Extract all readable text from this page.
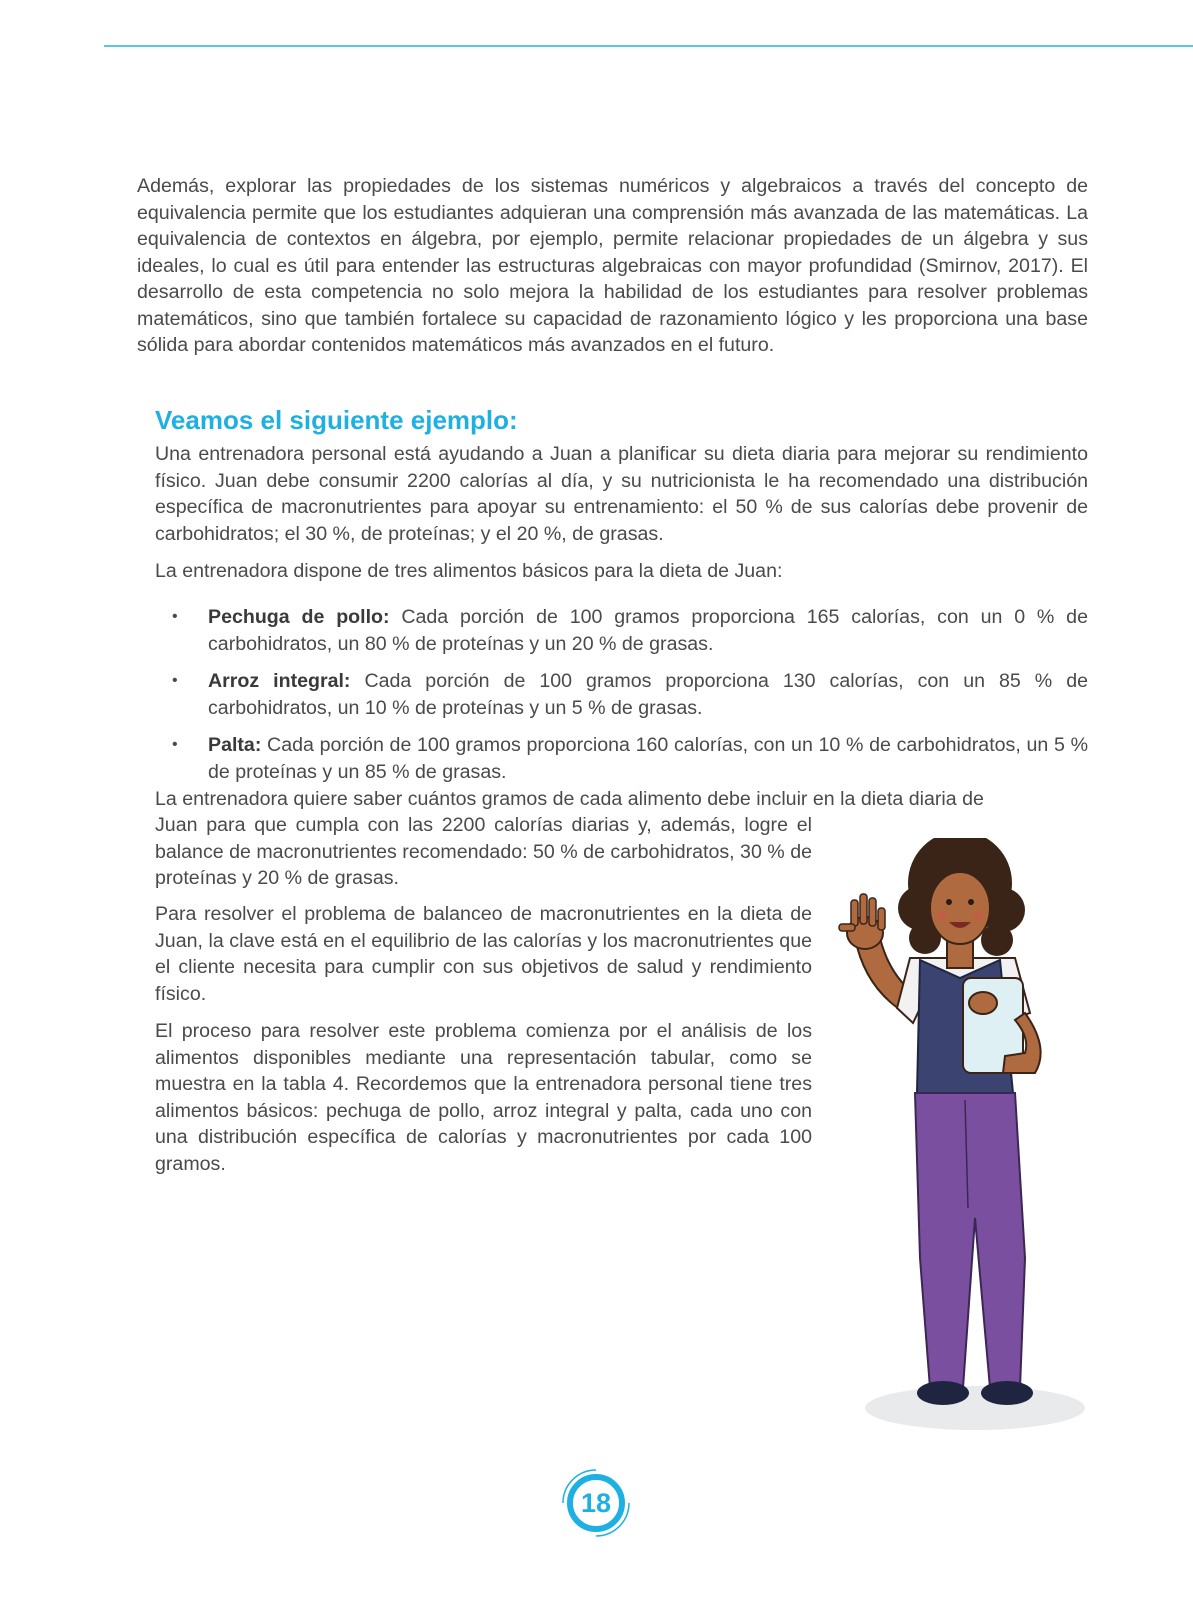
Además, explorar las propiedades de los sistemas numéricos y algebraicos a través del concepto de equivalencia permite que los estudiantes adquieran una comprensión más avanzada de las matemáticas. La equivalencia de contextos en álgebra, por ejemplo, permite relacionar propiedades de un álgebra y sus ideales, lo cual es útil para entender las estructuras algebraicas con mayor profundidad (Smirnov, 2017). El desarrollo de esta competencia no solo mejora la habilidad de los estudiantes para resolver problemas matemáticos, sino que también fortalece su capacidad de razonamiento lógico y les proporciona una base sólida para abordar contenidos matemáticos más avanzados en el futuro.

Veamos el siguiente ejemplo:

Una entrenadora personal está ayudando a Juan a planificar su dieta diaria para mejorar su rendimiento físico. Juan debe consumir 2200 calorías al día, y su nutricionista le ha recomendado una distribución específica de macronutrientes para apoyar su entrenamiento: el 50 % de sus calorías debe provenir de carbohidratos; el 30 %, de proteínas; y el 20 %, de grasas.

La entrenadora dispone de tres alimentos básicos para la dieta de Juan:

• Pechuga de pollo: Cada porción de 100 gramos proporciona 165 calorías, con un 0 % de carbohidratos, un 80 % de proteínas y un 20 % de grasas.
• Arroz integral: Cada porción de 100 gramos proporciona 130 calorías, con un 85 % de carbohidratos, un 10 % de proteínas y un 5 % de grasas.
• Palta: Cada porción de 100 gramos proporciona 160 calorías, con un 10 % de carbohidratos, un 5 % de proteínas y un 85 % de grasas.

La entrenadora quiere saber cuántos gramos de cada alimento debe incluir en la dieta diaria de

Juan para que cumpla con las 2200 calorías diarias y, además, logre el balance de macronutrientes recomendado: 50 % de carbohidratos, 30 % de proteínas y 20 % de grasas.

Para resolver el problema de balanceo de macronutrientes en la dieta de Juan, la clave está en el equilibrio de las calorías y los macronutrientes que el cliente necesita para cumplir con sus objetivos de salud y rendimiento físico.

El proceso para resolver este problema comienza por el análisis de los alimentos disponibles mediante una representación tabular, como se muestra en la tabla 4. Recordemos que la entrenadora personal tiene tres alimentos básicos: pechuga de pollo, arroz integral y palta, cada uno con una distribución específica de calorías y macronutrientes por cada 100 gramos.

18
